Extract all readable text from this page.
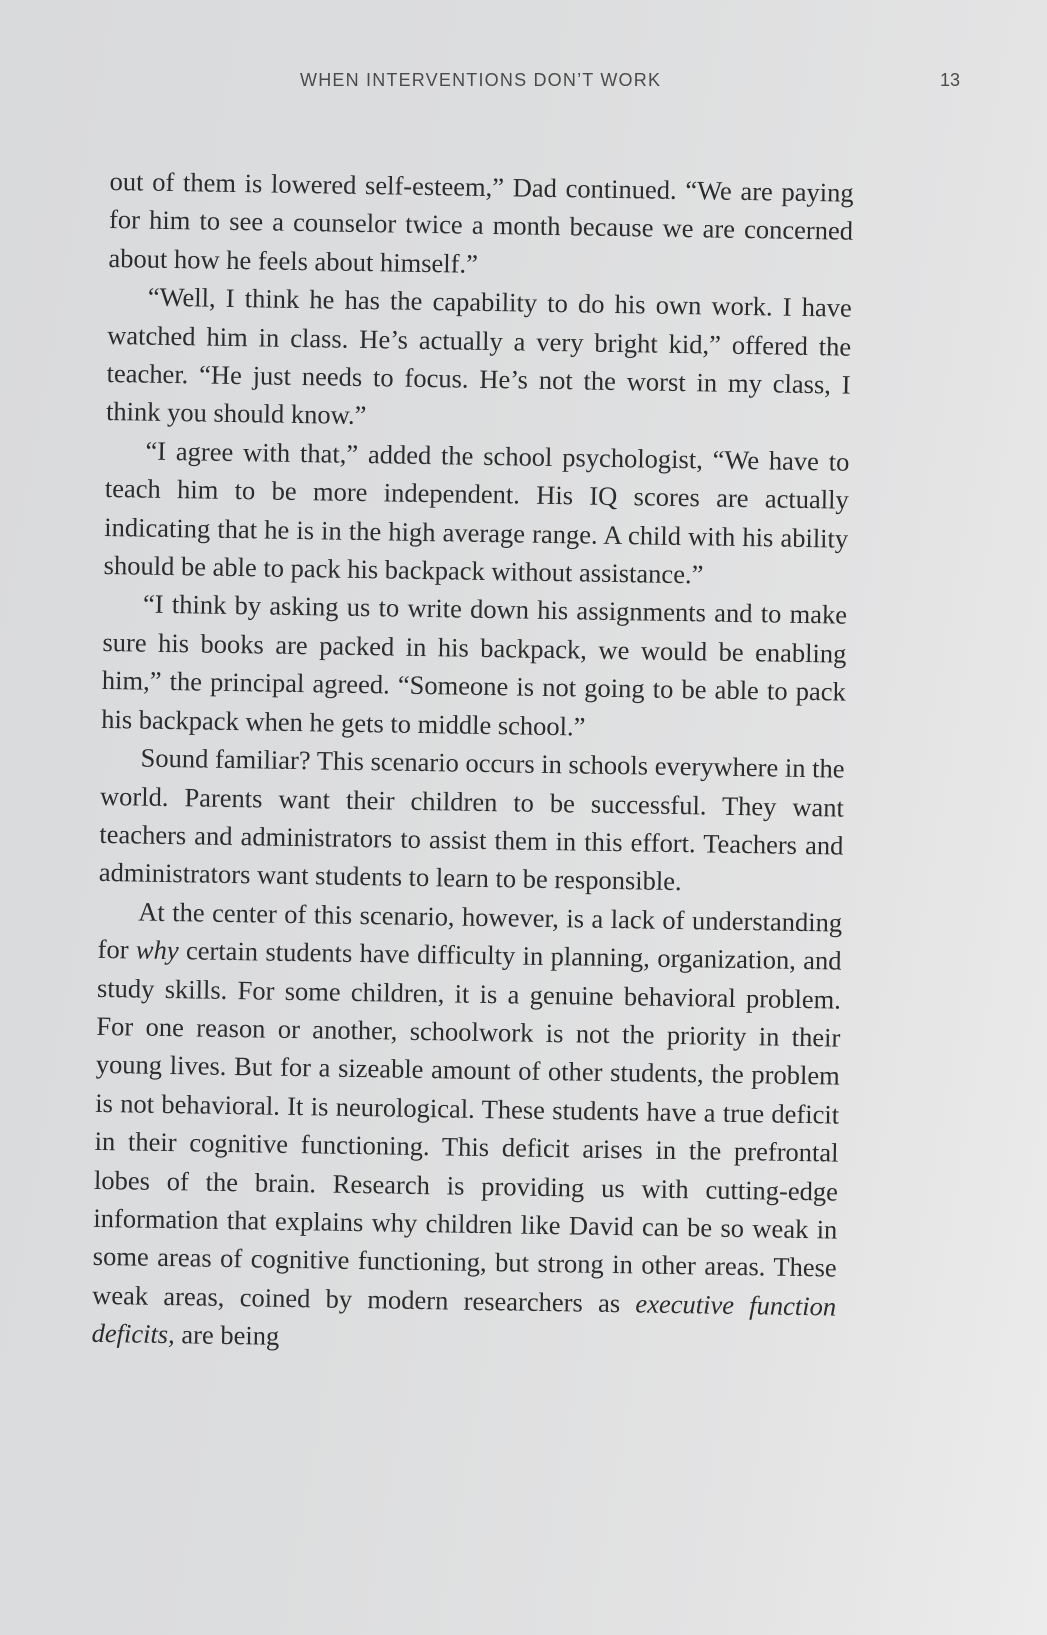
WHEN INTERVENTIONS DON’T WORK	13

out of them is lowered self-esteem,” Dad continued. “We are paying for him to see a counselor twice a month because we are concerned about how he feels about himself.”

“Well, I think he has the capability to do his own work. I have watched him in class. He’s actually a very bright kid,” offered the teacher. “He just needs to focus. He’s not the worst in my class, I think you should know.”

“I agree with that,” added the school psychologist, “We have to teach him to be more independent. His IQ scores are actually indicating that he is in the high average range. A child with his ability should be able to pack his backpack without assistance.”

“I think by asking us to write down his assignments and to make sure his books are packed in his backpack, we would be enabling him,” the principal agreed. “Someone is not going to be able to pack his backpack when he gets to middle school.”

Sound familiar? This scenario occurs in schools everywhere in the world. Parents want their children to be successful. They want teachers and administrators to assist them in this effort. Teachers and administrators want students to learn to be responsible.

At the center of this scenario, however, is a lack of understanding for why certain students have difficulty in planning, organization, and study skills. For some children, it is a genuine behavioral problem. For one reason or another, schoolwork is not the priority in their young lives. But for a sizeable amount of other students, the problem is not behavioral. It is neurological. These students have a true deficit in their cognitive functioning. This deficit arises in the prefrontal lobes of the brain. Research is providing us with cutting-edge information that explains why children like David can be so weak in some areas of cognitive functioning, but strong in other areas. These weak areas, coined by modern researchers as executive function deficits, are being
